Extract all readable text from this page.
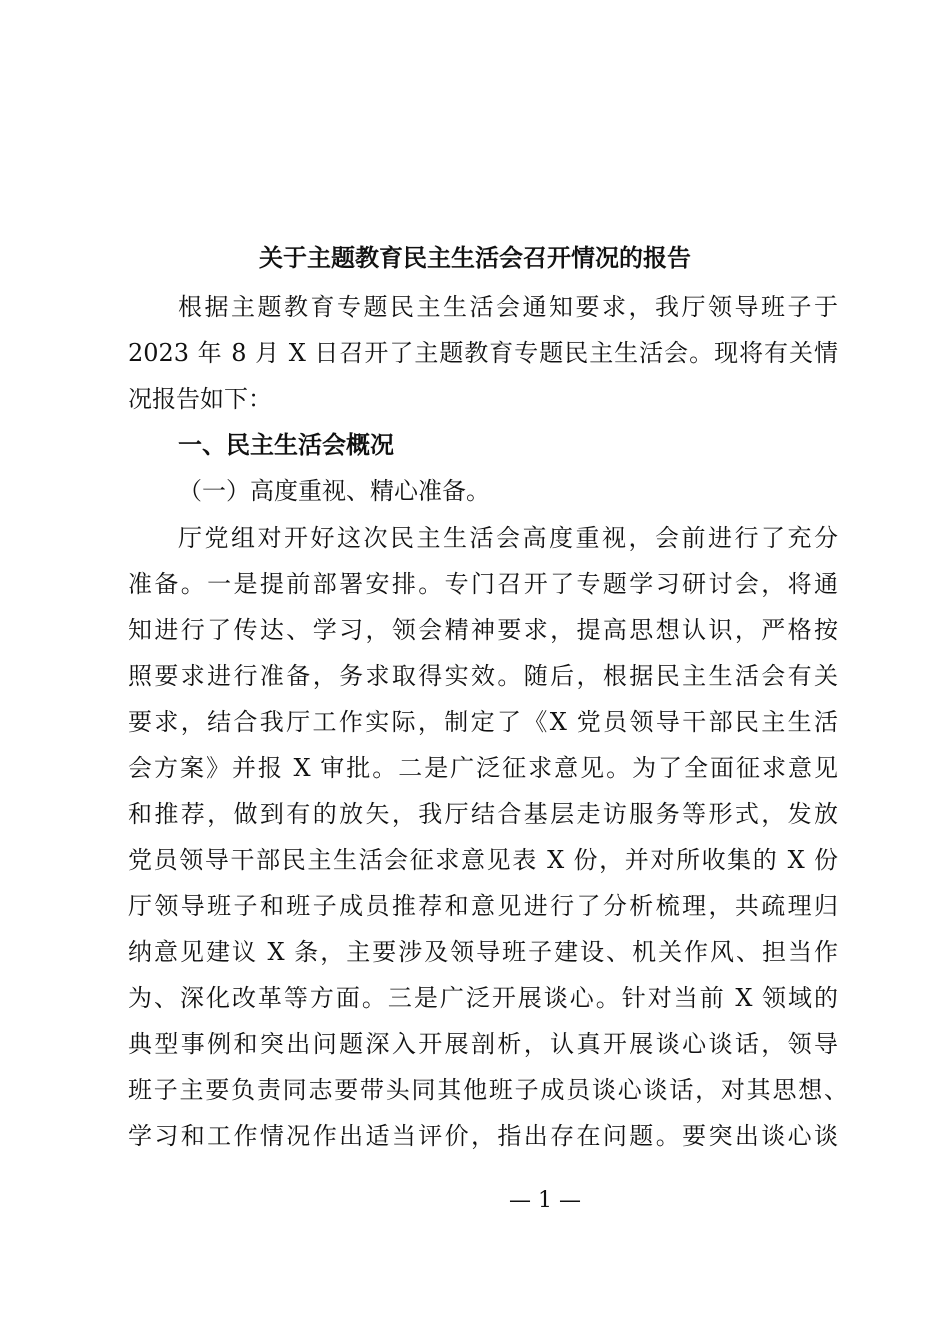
关于主题教育民主生活会召开情况的报告
根据主题教育专题民主生活会通知要求，我厅领导班子于
2023 年 8 月 X 日召开了主题教育专题民主生活会。现将有关情
况报告如下：
一、民主生活会概况
（一）高度重视、精心准备。
厅党组对开好这次民主生活会高度重视，会前进行了充分
准备。一是提前部署安排。专门召开了专题学习研讨会，将通
知进行了传达、学习，领会精神要求，提高思想认识，严格按
照要求进行准备，务求取得实效。随后，根据民主生活会有关
要求，结合我厅工作实际，制定了《X 党员领导干部民主生活
会方案》并报 X 审批。二是广泛征求意见。为了全面征求意见
和推荐，做到有的放矢，我厅结合基层走访服务等形式，发放
党员领导干部民主生活会征求意见表 X 份，并对所收集的 X 份
厅领导班子和班子成员推荐和意见进行了分析梳理，共疏理归
纳意见建议 X 条，主要涉及领导班子建设、机关作风、担当作
为、深化改革等方面。三是广泛开展谈心。针对当前 X 领域的
典型事例和突出问题深入开展剖析，认真开展谈心谈话，领导
班子主要负责同志要带头同其他班子成员谈心谈话，对其思想、
学习和工作情况作出适当评价，指出存在问题。要突出谈心谈
— 1 —
